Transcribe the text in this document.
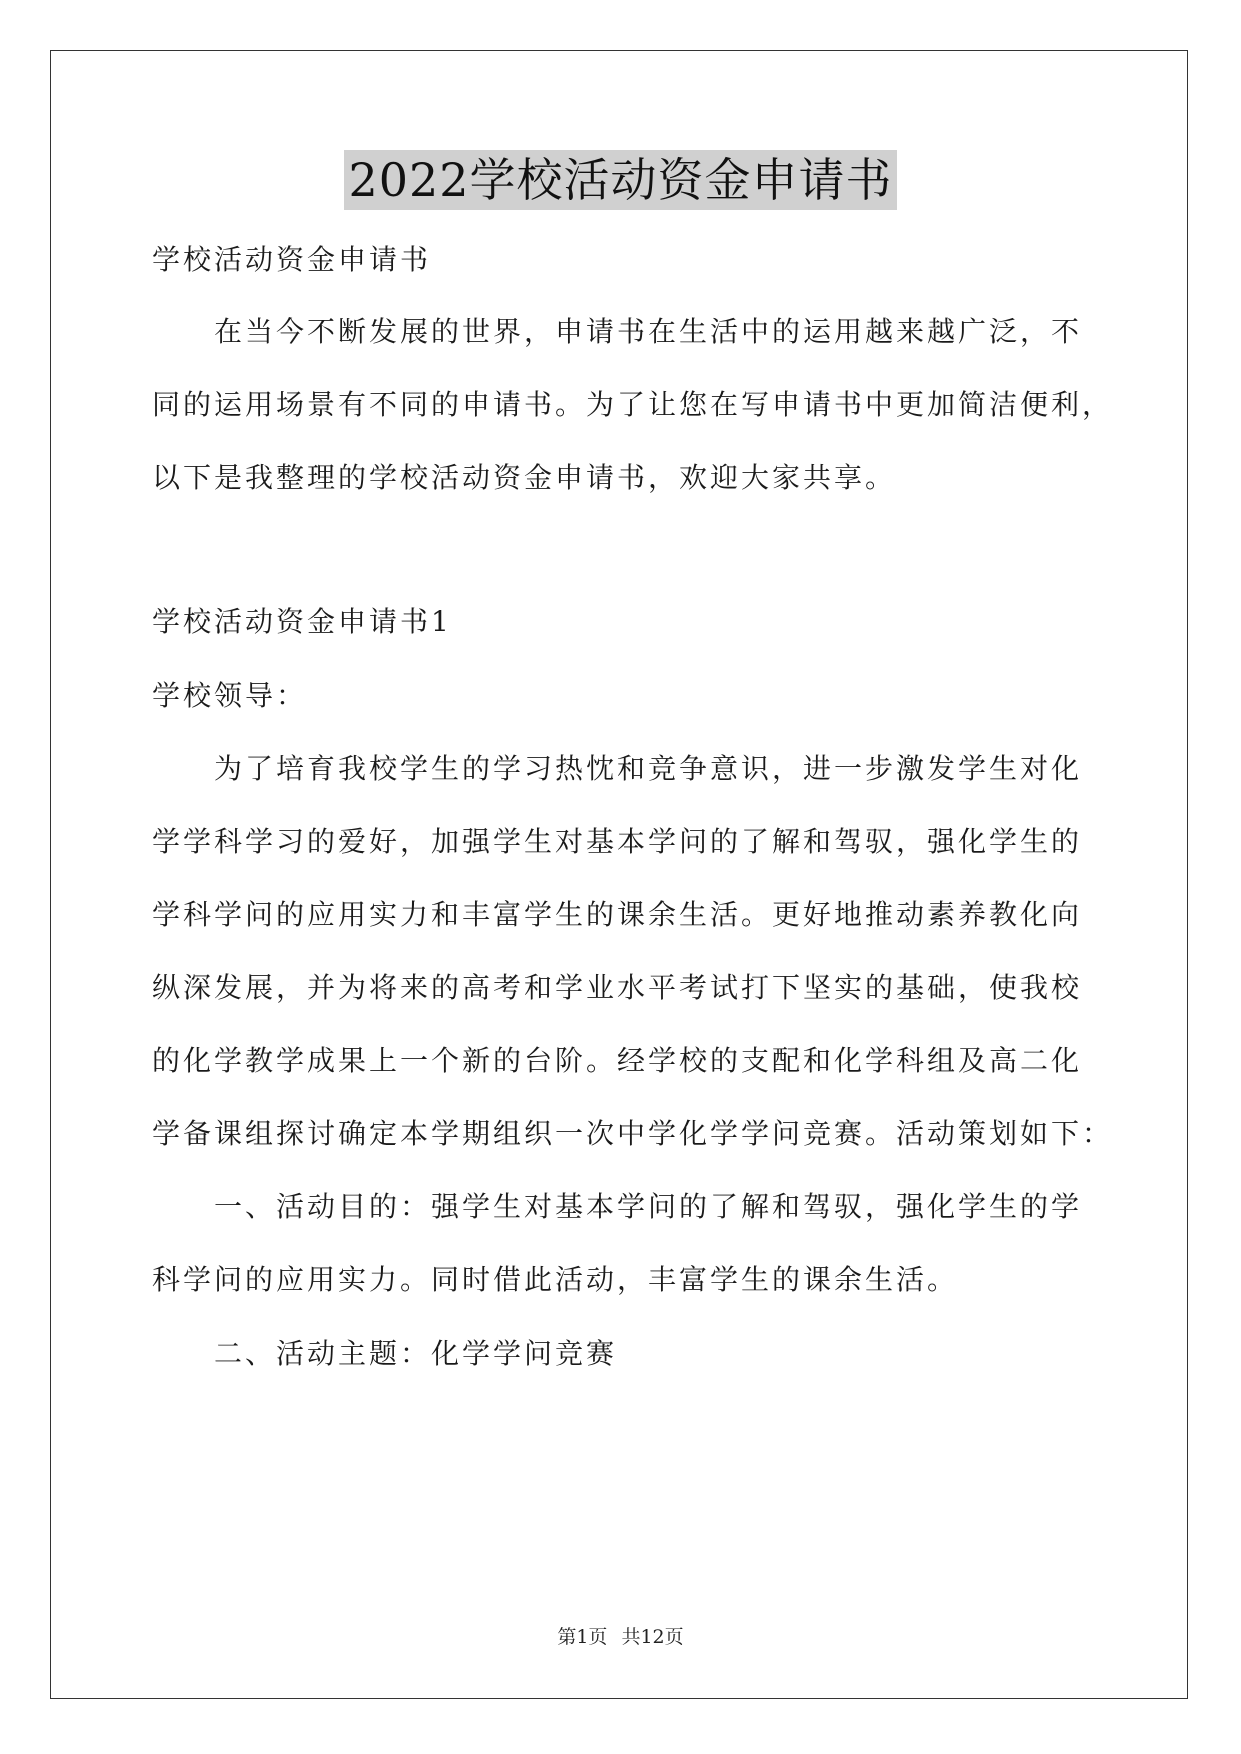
2022学校活动资金申请书
学校活动资金申请书
　　在当今不断发展的世界，申请书在生活中的运用越来越广泛，不
同的运用场景有不同的申请书。为了让您在写申请书中更加简洁便利，
以下是我整理的学校活动资金申请书，欢迎大家共享。
学校活动资金申请书1
学校领导：
　　为了培育我校学生的学习热忱和竞争意识，进一步激发学生对化
学学科学习的爱好，加强学生对基本学问的了解和驾驭，强化学生的
学科学问的应用实力和丰富学生的课余生活。更好地推动素养教化向
纵深发展，并为将来的高考和学业水平考试打下坚实的基础，使我校
的化学教学成果上一个新的台阶。经学校的支配和化学科组及高二化
学备课组探讨确定本学期组织一次中学化学学问竞赛。活动策划如下：
　　一、活动目的：强学生对基本学问的了解和驾驭，强化学生的学
科学问的应用实力。同时借此活动，丰富学生的课余生活。
　　二、活动主题：化学学问竞赛
第1页 共12页
